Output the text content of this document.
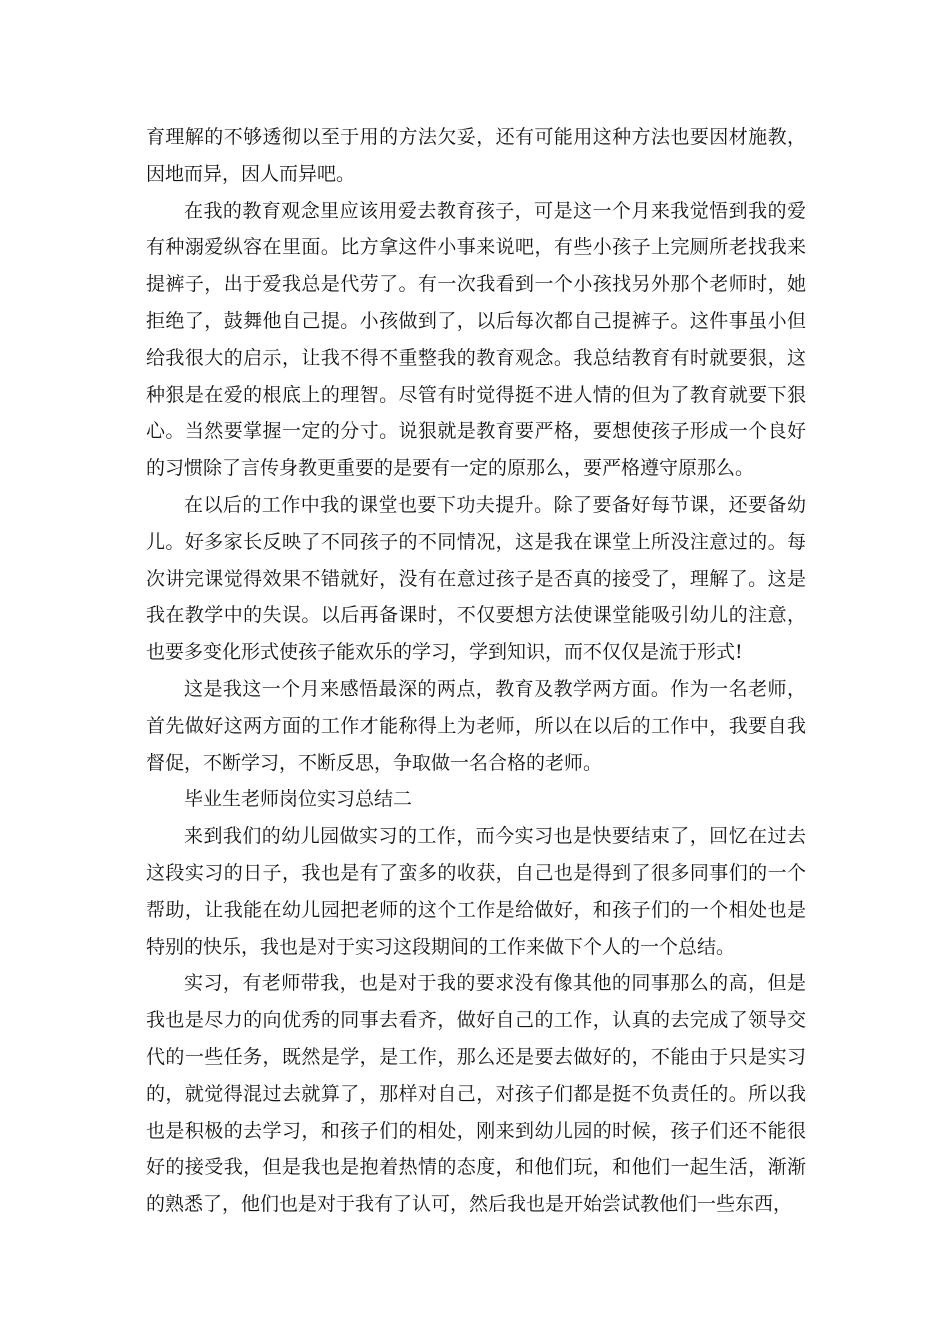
育理解的不够透彻以至于用的方法欠妥，还有可能用这种方法也要因材施教，因地而异，因人而异吧。

在我的教育观念里应该用爱去教育孩子，可是这一个月来我觉悟到我的爱有种溺爱纵容在里面。比方拿这件小事来说吧，有些小孩子上完厕所老找我来提裤子，出于爱我总是代劳了。有一次我看到一个小孩找另外那个老师时，她拒绝了，鼓舞他自己提。小孩做到了，以后每次都自己提裤子。这件事虽小但给我很大的启示，让我不得不重整我的教育观念。我总结教育有时就要狠，这种狠是在爱的根底上的理智。尽管有时觉得挺不进人情的但为了教育就要下狠心。当然要掌握一定的分寸。说狠就是教育要严格，要想使孩子形成一个良好的习惯除了言传身教更重要的是要有一定的原那么，要严格遵守原那么。

在以后的工作中我的课堂也要下功夫提升。除了要备好每节课，还要备幼儿。好多家长反映了不同孩子的不同情况，这是我在课堂上所没注意过的。每次讲完课觉得效果不错就好，没有在意过孩子是否真的接受了，理解了。这是我在教学中的失误。以后再备课时，不仅要想方法使课堂能吸引幼儿的注意，也要多变化形式使孩子能欢乐的学习，学到知识，而不仅仅是流于形式!

这是我这一个月来感悟最深的两点，教育及教学两方面。作为一名老师，首先做好这两方面的工作才能称得上为老师，所以在以后的工作中，我要自我督促，不断学习，不断反思，争取做一名合格的老师。

毕业生老师岗位实习总结二

来到我们的幼儿园做实习的工作，而今实习也是快要结束了，回忆在过去这段实习的日子，我也是有了蛮多的收获，自己也是得到了很多同事们的一个帮助，让我能在幼儿园把老师的这个工作是给做好，和孩子们的一个相处也是特别的快乐，我也是对于实习这段期间的工作来做下个人的一个总结。

实习，有老师带我，也是对于我的要求没有像其他的同事那么的高，但是我也是尽力的向优秀的同事去看齐，做好自己的工作，认真的去完成了领导交代的一些任务，既然是学，是工作，那么还是要去做好的，不能由于只是实习的，就觉得混过去就算了，那样对自己，对孩子们都是挺不负责任的。所以我也是积极的去学习，和孩子们的相处，刚来到幼儿园的时候，孩子们还不能很好的接受我，但是我也是抱着热情的态度，和他们玩，和他们一起生活，渐渐的熟悉了，他们也是对于我有了认可，然后我也是开始尝试教他们一些东西，
